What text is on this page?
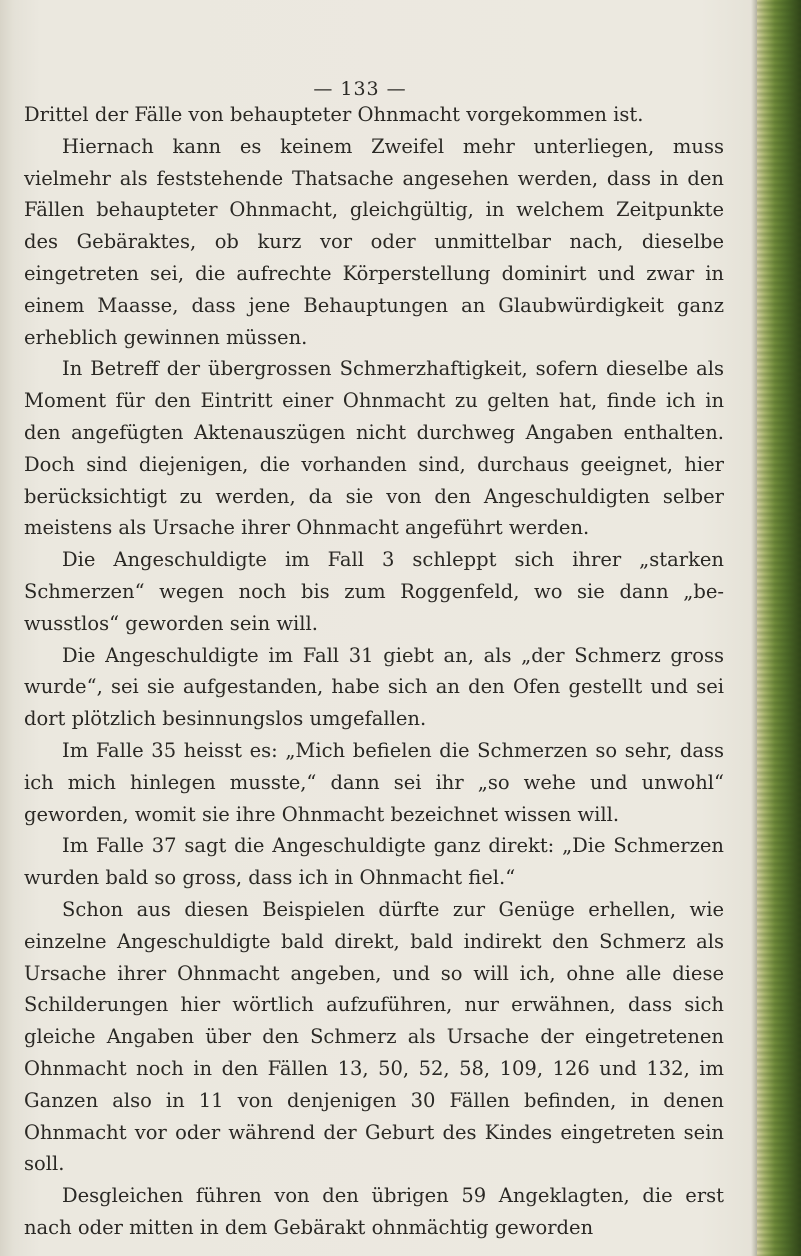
— 133 —

Drittel der Fälle von behaupteter Ohnmacht vorgekommen ist.

Hiernach kann es keinem Zweifel mehr unterliegen, muss vielmehr als feststehende Thatsache angesehen werden, dass in den Fällen behaupteter Ohnmacht, gleichgültig, in welchem Zeitpunkte des Gebäraktes, ob kurz vor oder unmittelbar nach, dieselbe eingetreten sei, die aufrechte Körperstellung dominirt und zwar in einem Maasse, dass jene Behauptungen an Glaubwürdigkeit ganz erheblich gewinnen müssen.

In Betreff der übergrossen Schmerzhaftigkeit, sofern dieselbe als Moment für den Eintritt einer Ohnmacht zu gelten hat, finde ich in den angefügten Aktenauszügen nicht durchweg Angaben enthalten. Doch sind diejenigen, die vorhanden sind, durchaus geeignet, hier berücksichtigt zu werden, da sie von den Angeschuldigten selber meistens als Ursache ihrer Ohnmacht angeführt werden.

Die Angeschuldigte im Fall 3 schleppt sich ihrer „starken Schmerzen“ wegen noch bis zum Roggenfeld, wo sie dann „bewusstlos“ geworden sein will.

Die Angeschuldigte im Fall 31 giebt an, als „der Schmerz gross wurde“, sei sie aufgestanden, habe sich an den Ofen gestellt und sei dort plötzlich besinnungslos umgefallen.

Im Falle 35 heisst es: „Mich befielen die Schmerzen so sehr, dass ich mich hinlegen musste,“ dann sei ihr „so wehe und unwohl“ geworden, womit sie ihre Ohnmacht bezeichnet wissen will.

Im Falle 37 sagt die Angeschuldigte ganz direkt: „Die Schmerzen wurden bald so gross, dass ich in Ohnmacht fiel.“

Schon aus diesen Beispielen dürfte zur Genüge erhellen, wie einzelne Angeschuldigte bald direkt, bald indirekt den Schmerz als Ursache ihrer Ohnmacht angeben, und so will ich, ohne alle diese Schilderungen hier wörtlich aufzuführen, nur erwähnen, dass sich gleiche Angaben über den Schmerz als Ursache der eingetretenen Ohnmacht noch in den Fällen 13, 50, 52, 58, 109, 126 und 132, im Ganzen also in 11 von denjenigen 30 Fällen befinden, in denen Ohnmacht vor oder während der Geburt des Kindes eingetreten sein soll.

Desgleichen führen von den übrigen 59 Angeklagten, die erst nach oder mitten in dem Gebärakt ohnmächtig geworden
